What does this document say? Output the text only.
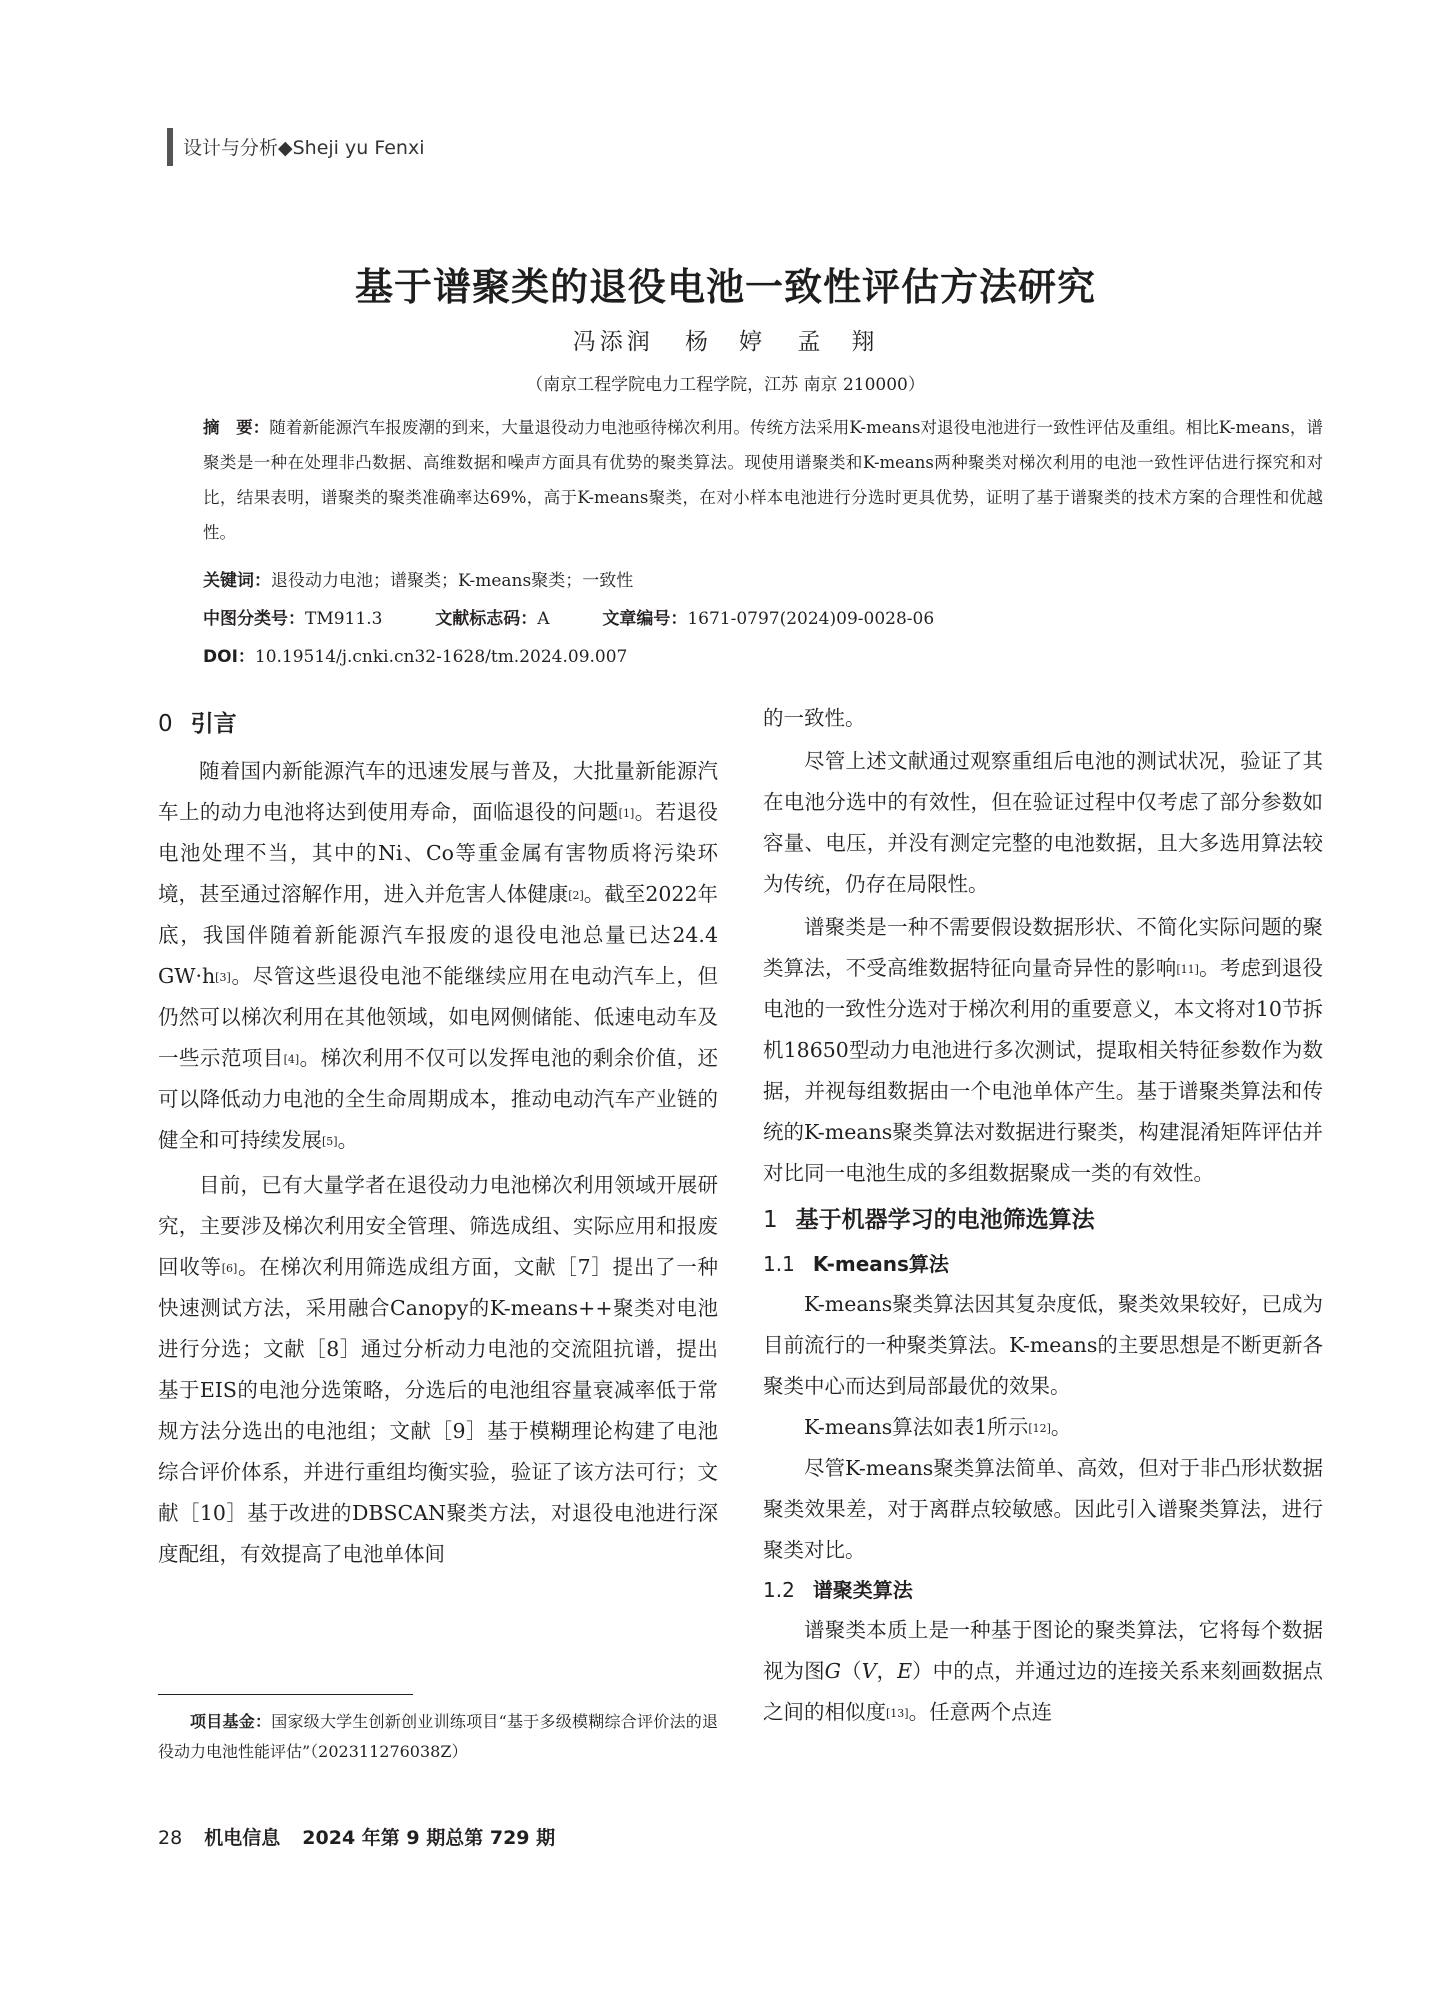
设计与分析◆Sheji yu Fenxi
基于谱聚类的退役电池一致性评估方法研究
冯添润 杨　婷 孟　翔
（南京工程学院电力工程学院，江苏 南京 210000）
摘　要：随着新能源汽车报废潮的到来，大量退役动力电池亟待梯次利用。传统方法采用K-means对退役电池进行一致性评估及重组。相比K-means，谱聚类是一种在处理非凸数据、高维数据和噪声方面具有优势的聚类算法。现使用谱聚类和K-means两种聚类对梯次利用的电池一致性评估进行探究和对比，结果表明，谱聚类的聚类准确率达69%，高于K-means聚类，在对小样本电池进行分选时更具优势，证明了基于谱聚类的技术方案的合理性和优越性。
关键词：退役动力电池；谱聚类；K-means聚类；一致性
中图分类号：TM911.3	文献标志码：A	文章编号：1671-0797(2024)09-0028-06
DOI：10.19514/j.cnki.cn32-1628/tm.2024.09.007
0 引言

随着国内新能源汽车的迅速发展与普及，大批量新能源汽车上的动力电池将达到使用寿命，面临退役的问题[1]。若退役电池处理不当，其中的Ni、Co等重金属有害物质将污染环境，甚至通过溶解作用，进入并危害人体健康[2]。截至2022年底，我国伴随着新能源汽车报废的退役电池总量已达24.4 GW·h[3]。尽管这些退役电池不能继续应用在电动汽车上，但仍然可以梯次利用在其他领域，如电网侧储能、低速电动车及一些示范项目[4]。梯次利用不仅可以发挥电池的剩余价值，还可以降低动力电池的全生命周期成本，推动电动汽车产业链的健全和可持续发展[5]。

目前，已有大量学者在退役动力电池梯次利用领域开展研究，主要涉及梯次利用安全管理、筛选成组、实际应用和报废回收等[6]。在梯次利用筛选成组方面，文献［7］提出了一种快速测试方法，采用融合Canopy的K-means++聚类对电池进行分选；文献［8］通过分析动力电池的交流阻抗谱，提出基于EIS的电池分选策略，分选后的电池组容量衰减率低于常规方法分选出的电池组；文献［9］基于模糊理论构建了电池综合评价体系，并进行重组均衡实验，验证了该方法可行；文献［10］基于改进的DBSCAN聚类方法，对退役电池进行深度配组，有效提高了电池单体间

的一致性。

尽管上述文献通过观察重组后电池的测试状况，验证了其在电池分选中的有效性，但在验证过程中仅考虑了部分参数如容量、电压，并没有测定完整的电池数据，且大多选用算法较为传统，仍存在局限性。

谱聚类是一种不需要假设数据形状、不简化实际问题的聚类算法，不受高维数据特征向量奇异性的影响[11]。考虑到退役电池的一致性分选对于梯次利用的重要意义，本文将对10节拆机18650型动力电池进行多次测试，提取相关特征参数作为数据，并视每组数据由一个电池单体产生。基于谱聚类算法和传统的K-means聚类算法对数据进行聚类，构建混淆矩阵评估并对比同一电池生成的多组数据聚成一类的有效性。

1 基于机器学习的电池筛选算法
1.1 K-means算法

K-means聚类算法因其复杂度低，聚类效果较好，已成为目前流行的一种聚类算法。K-means的主要思想是不断更新各聚类中心而达到局部最优的效果。

K-means算法如表1所示[12]。

尽管K-means聚类算法简单、高效，但对于非凸形状数据聚类效果差，对于离群点较敏感。因此引入谱聚类算法，进行聚类对比。

1.2 谱聚类算法

谱聚类本质上是一种基于图论的聚类算法，它将每个数据视为图G（V，E）中的点，并通过边的连接关系来刻画数据点之间的相似度[13]。任意两个点连

项目基金：国家级大学生创新创业训练项目“基于多级模糊综合评价法的退役动力电池性能评估”（202311276038Z）
28 机电信息 2024 年第 9 期总第 729 期
